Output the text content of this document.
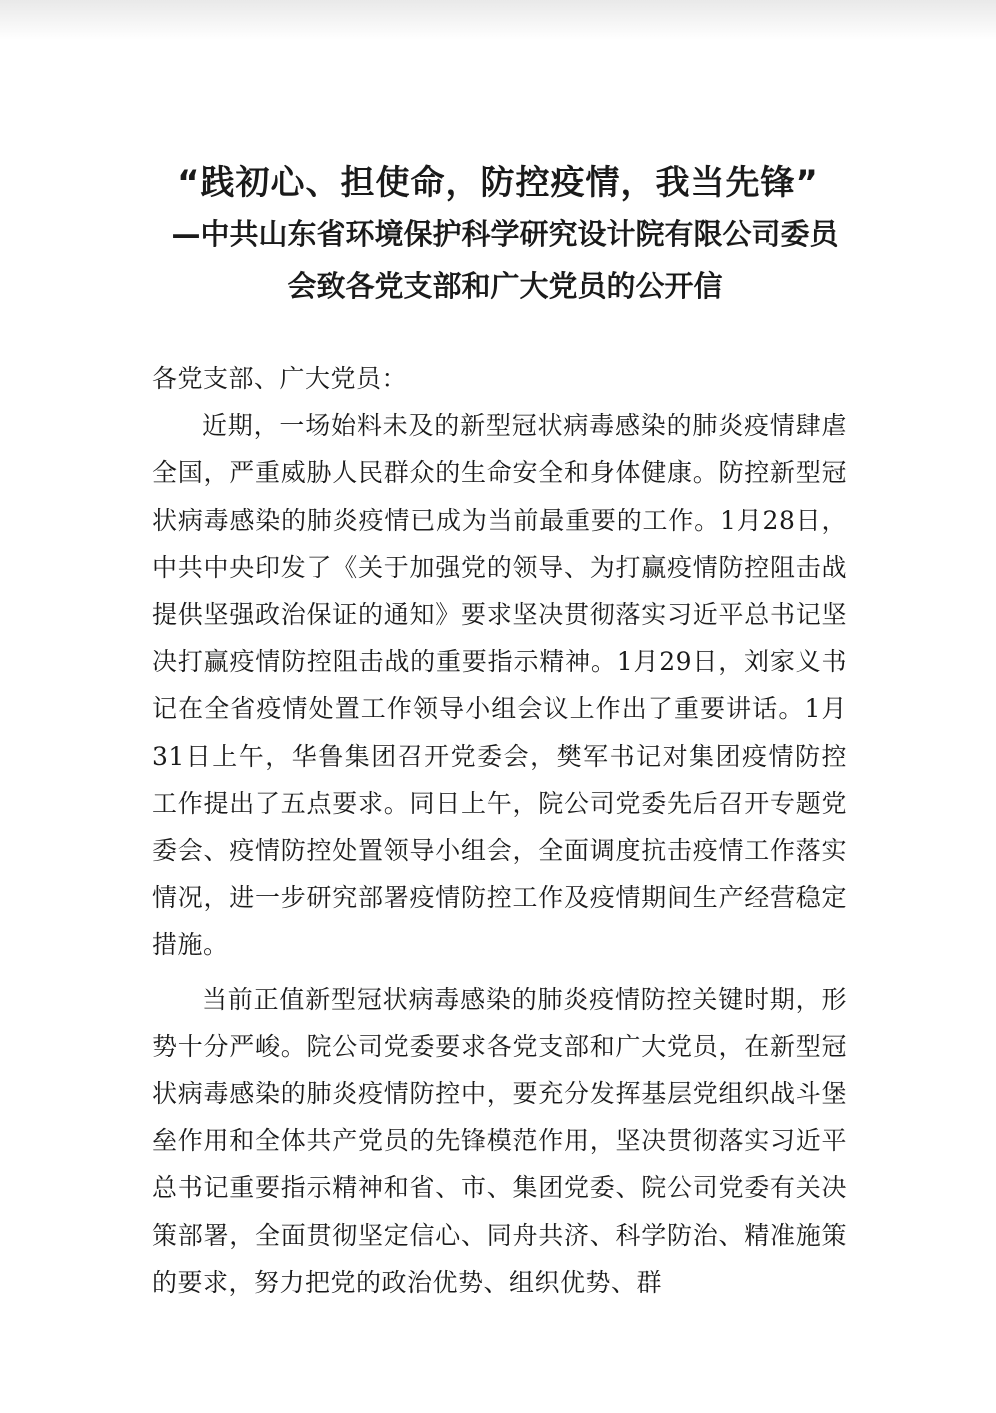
“践初心、担使命，防控疫情，我当先锋”
—中共山东省环境保护科学研究设计院有限公司委员会致各党支部和广大党员的公开信

各党支部、广大党员：

近期，一场始料未及的新型冠状病毒感染的肺炎疫情肆虐全国，严重威胁人民群众的生命安全和身体健康。防控新型冠状病毒感染的肺炎疫情已成为当前最重要的工作。1月28日，中共中央印发了《关于加强党的领导、为打赢疫情防控阻击战提供坚强政治保证的通知》要求坚决贯彻落实习近平总书记坚决打赢疫情防控阻击战的重要指示精神。1月29日，刘家义书记在全省疫情处置工作领导小组会议上作出了重要讲话。1月31日上午，华鲁集团召开党委会，樊军书记对集团疫情防控工作提出了五点要求。同日上午，院公司党委先后召开专题党委会、疫情防控处置领导小组会，全面调度抗击疫情工作落实情况，进一步研究部署疫情防控工作及疫情期间生产经营稳定措施。

当前正值新型冠状病毒感染的肺炎疫情防控关键时期，形势十分严峻。院公司党委要求各党支部和广大党员，在新型冠状病毒感染的肺炎疫情防控中，要充分发挥基层党组织战斗堡垒作用和全体共产党员的先锋模范作用，坚决贯彻落实习近平总书记重要指示精神和省、市、集团党委、院公司党委有关决策部署，全面贯彻坚定信心、同舟共济、科学防治、精准施策的要求，努力把党的政治优势、组织优势、群
